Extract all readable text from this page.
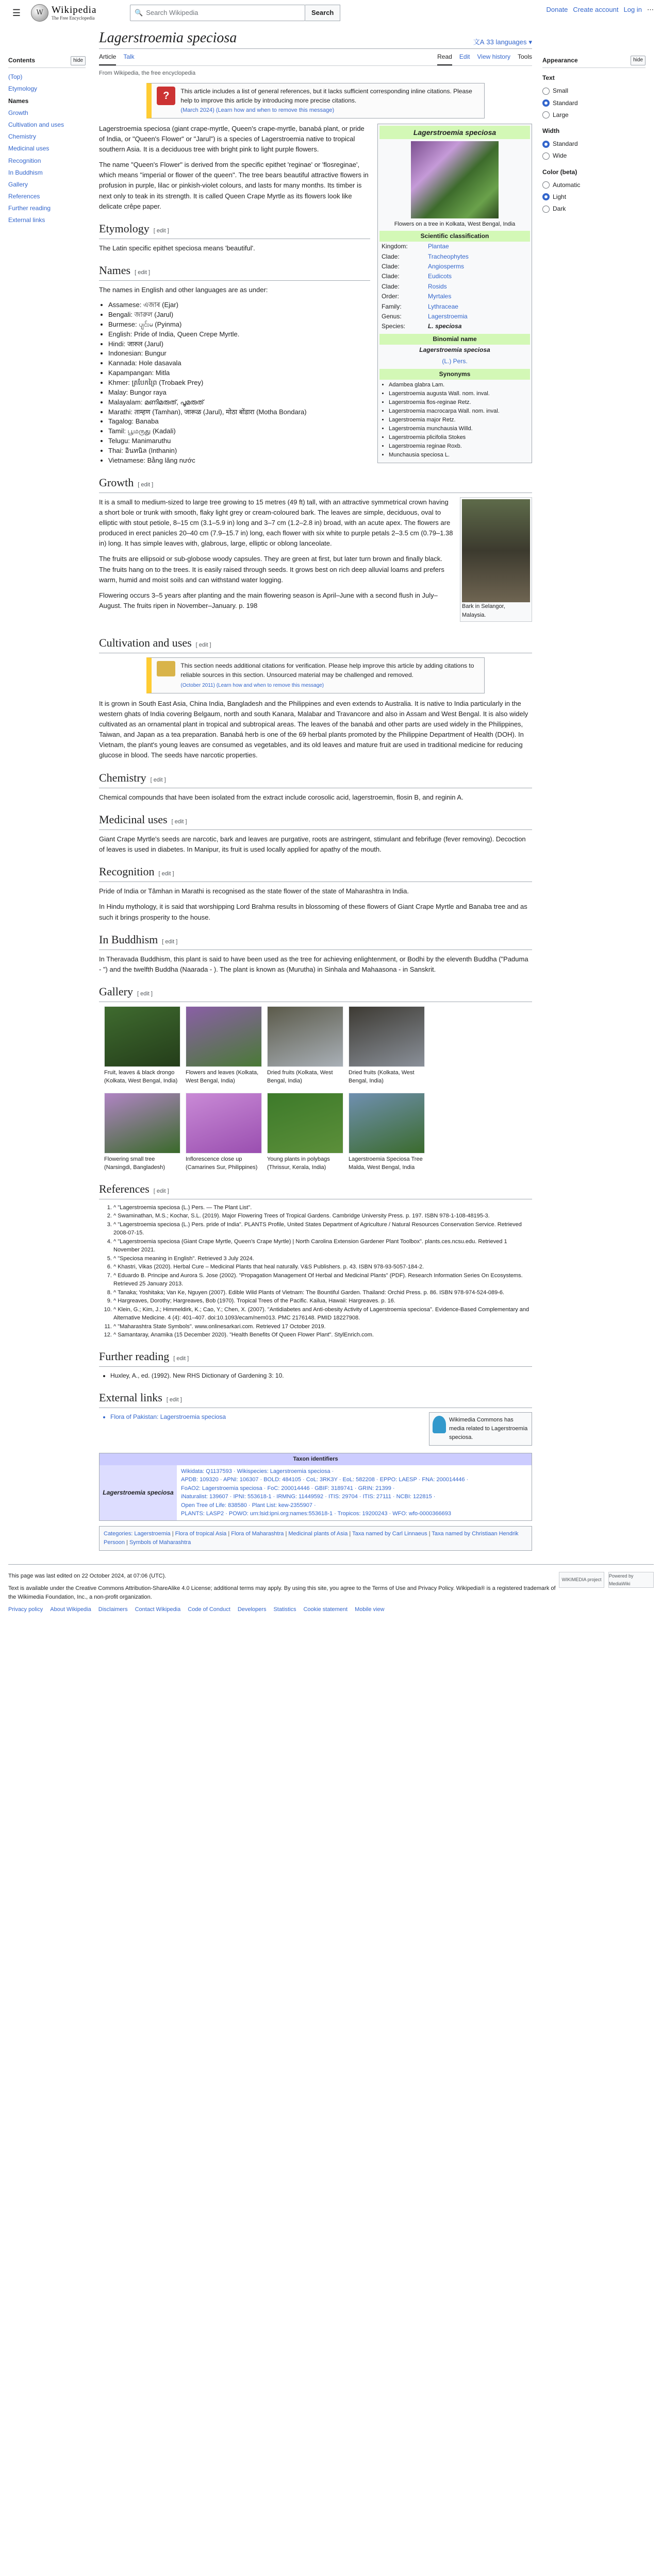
☰	W Wikipedia
The Free Encyclopedia
🔍 Search Wikipedia	Search	Donate Create account Log in ⋯
Contents	hide
(Top)
Etymology
Names
Growth
Cultivation and uses
Chemistry
Medicinal uses
Recognition
In Buddhism
Gallery
References
Further reading
External links
Lagerstroemia speciosa	文A 33 languages ▾
Article Talk	Read Edit View history Tools
From Wikipedia, the free encyclopedia
?	This article includes a list of general references, but it lacks sufficient corresponding inline citations. Please help to improve this article by introducing more precise citations.
(March 2024) (Learn how and when to remove this message)
Lagerstroemia speciosa
Flowers on a tree in Kolkata, West Bengal, India
Scientific classification
Kingdom:	Plantae
Clade:	Tracheophytes
Clade:	Angiosperms
Clade:	Eudicots
Clade:	Rosids
Order:	Myrtales
Family:	Lythraceae
Genus:	Lagerstroemia
Species:	L. speciosa
Binomial name
Lagerstroemia speciosa
(L.) Pers.
Synonyms
• Adambea glabra Lam.
• Lagerstroemia augusta Wall. nom. inval.
• Lagerstroemia flos-reginae Retz.
• Lagerstroemia macrocarpa Wall. nom. inval.
• Lagerstroemia major Retz.
• Lagerstroemia munchausia Willd.
• Lagerstroemia plicifolia Stokes
• Lagerstroemia reginae Roxb.
• Munchausia speciosa L.

Lagerstroemia speciosa (giant crape-myrtle, Queen's crape-myrtle, banabá plant, or pride of India, or "Queen's Flower" or "Jarul") is a species of Lagerstroemia native to tropical southern Asia. It is a deciduous tree with bright pink to light purple flowers.

The name "Queen's Flower" is derived from the specific epithet 'reginae' or 'flosreginae', which means "imperial or flower of the queen". The tree bears beautiful attractive flowers in profusion in purple, lilac or pinkish-violet colours, and lasts for many months. Its timber is next only to teak in its strength. It is called Queen Crape Myrtle as its flowers look like delicate crêpe paper.

Etymology [ edit ]

The Latin specific epithet speciosa means 'beautiful'.

Names [ edit ]

The names in English and other languages are as under:

• Assamese: এজাৰ (Ejar)
• Bengali: জারুল (Jarul)
• Burmese: ပျင်းမ (Pyinma)
• English: Pride of India, Queen Crepe Myrtle.
• Hindi: जारुल (Jarul)
• Indonesian: Bungur
• Kannada: Hole dasavala
• Kapampangan: Mitla
• Khmer: ត្របែកព្រៃ (Trobaek Prey)
• Malay: Bungor raya
• Malayalam: മണിമരുത്, പൂമരുത്
• Marathi: ताम्हण (Tamhan), जारूळ (Jarul), मोठा बोंडारा (Motha Bondara)
• Tagalog: Banaba
• Tamil: பூமருது (Kadali)
• Telugu: Manimaruthu
• Thai: อินทนิล (Inthanin)
• Vietnamese: Bằng lăng nước
Growth [ edit ]
Bark in Selangor, Malaysia.

It is a small to medium-sized to large tree growing to 15 metres (49 ft) tall, with an attractive symmetrical crown having a short bole or trunk with smooth, flaky light grey or cream-coloured bark. The leaves are simple, deciduous, oval to elliptic with stout petiole, 8–15 cm (3.1–5.9 in) long and 3–7 cm (1.2–2.8 in) broad, with an acute apex. The flowers are produced in erect panicles 20–40 cm (7.9–15.7 in) long, each flower with six white to purple petals 2–3.5 cm (0.79–1.38 in) long. It has simple leaves with, glabrous, large, elliptic or oblong lanceolate.

The fruits are ellipsoid or sub-globose woody capsules. They are green at first, but later turn brown and finally black. The fruits hang on to the trees. It is easily raised through seeds. It grows best on rich deep alluvial loams and prefers warm, humid and moist soils and can withstand water logging.

Flowering occurs 3–5 years after planting and the main flowering season is April–June with a second flush in July–August. The fruits ripen in November–January. p. 198

Cultivation and uses [ edit ]
This section needs additional citations for verification. Please help improve this article by adding citations to reliable sources in this section. Unsourced material may be challenged and removed.
(October 2011) (Learn how and when to remove this message)

It is grown in South East Asia, China India, Bangladesh and the Philippines and even extends to Australia. It is native to India particularly in the western ghats of India covering Belgaum, north and south Kanara, Malabar and Travancore and also in Assam and West Bengal. It is also widely cultivated as an ornamental plant in tropical and subtropical areas. The leaves of the banabá and other parts are used widely in the Philippines, Taiwan, and Japan as a tea preparation. Banabá herb is one of the 69 herbal plants promoted by the Philippine Department of Health (DOH). In Vietnam, the plant's young leaves are consumed as vegetables, and its old leaves and mature fruit are used in traditional medicine for reducing glucose in blood. The seeds have narcotic properties.

Chemistry [ edit ]

Chemical compounds that have been isolated from the extract include corosolic acid, lagerstroemin, flosin B, and reginin A.

Medicinal uses [ edit ]

Giant Crape Myrtle's seeds are narcotic, bark and leaves are purgative, roots are astringent, stimulant and febrifuge (fever removing). Decoction of leaves is used in diabetes. In Manipur, its fruit is used locally applied for apathy of the mouth.

Recognition [ edit ]

Pride of India or Tâmhan in Marathi is recognised as the state flower of the state of Maharashtra in India.

In Hindu mythology, it is said that worshipping Lord Brahma results in blossoming of these flowers of Giant Crape Myrtle and Banaba tree and as such it brings prosperity to the house.

In Buddhism [ edit ]

In Theravada Buddhism, this plant is said to have been used as the tree for achieving enlightenment, or Bodhi by the eleventh Buddha ("Paduma - ") and the twelfth Buddha (Naarada - ). The plant is known as (Murutha) in Sinhala and Mahaasona - in Sanskrit.

Gallery [ edit ]
Fruit, leaves & black drongo (Kolkata, West Bengal, India)
Flowers and leaves (Kolkata, West Bengal, India)
Dried fruits (Kolkata, West Bengal, India)
Dried fruits (Kolkata, West Bengal, India)
Flowering small tree (Narsingdi, Bangladesh)
Inflorescence close up (Camarines Sur, Philippines)
Young plants in polybags (Thrissur, Kerala, India)
Lagerstroemia Speciosa Tree Malda, West Bengal, India
References [ edit ]
1. ^ "Lagerstroemia speciosa (L.) Pers. — The Plant List".
2. ^ Swaminathan, M.S.; Kochar, S.L. (2019). Major Flowering Trees of Tropical Gardens. Cambridge University Press. p. 197. ISBN 978-1-108-48195-3.
3. ^ "Lagerstroemia speciosa (L.) Pers. pride of India". PLANTS Profile, United States Department of Agriculture / Natural Resources Conservation Service. Retrieved 2008-07-15.
4. ^ "Lagerstroemia speciosa (Giant Crape Myrtle, Queen's Crape Myrtle) | North Carolina Extension Gardener Plant Toolbox". plants.ces.ncsu.edu. Retrieved 1 November 2021.
5. ^ "Speciosa meaning in English". Retrieved 3 July 2024.
6. ^ Khastri, Vikas (2020). Herbal Cure – Medicinal Plants that heal naturally. V&S Publishers. p. 43. ISBN 978-93-5057-184-2.
7. ^ Eduardo B. Principe and Aurora S. Jose (2002). "Propagation Management Of Herbal and Medicinal Plants" (PDF). Research Information Series On Ecosystems. Retrieved 25 January 2013.
8. ^ Tanaka; Yoshitaka; Van Ke, Nguyen (2007). Edible Wild Plants of Vietnam: The Bountiful Garden. Thailand: Orchid Press. p. 86. ISBN 978-974-524-089-6.
9. ^ Hargreaves, Dorothy; Hargreaves, Bob (1970). Tropical Trees of the Pacific. Kailua, Hawaii: Hargreaves. p. 16.
10. ^ Klein, G.; Kim, J.; Himmeldirk, K.; Cao, Y.; Chen, X. (2007). "Antidiabetes and Anti-obesity Activity of Lagerstroemia speciosa". Evidence-Based Complementary and Alternative Medicine. 4 (4): 401–407. doi:10.1093/ecam/nem013. PMC 2176148. PMID 18227908.
11. ^ "Maharashtra State Symbols". www.onlinesarkari.com. Retrieved 17 October 2019.
12. ^ Samantaray, Anamika (15 December 2020). "Health Benefits Of Queen Flower Plant". StylEnrich.com.
Further reading [ edit ]
• Huxley, A., ed. (1992). New RHS Dictionary of Gardening 3: 10.
External links [ edit ]
Wikimedia Commons has media related to Lagerstroemia speciosa.
• Flora of Pakistan: Lagerstroemia speciosa
Taxon identifiers
Lagerstroemia speciosa
Wikidata: Q1137593 · Wikispecies: Lagerstroemia speciosa ·
APDB: 109320 · APNI: 106307 · BOLD: 484105 · CoL: 3RK3Y · EoL: 582208 · EPPO: LAESP · FNA: 200014446 ·
FoAO2: Lagerstroemia speciosa · FoC: 200014446 · GBIF: 3189741 · GRIN: 21399 ·
iNaturalist: 139607 · IPNI: 553618-1 · IRMNG: 11449592 · ITIS: 29704 · ITIS: 27111 · NCBI: 122815 ·
Open Tree of Life: 838580 · Plant List: kew-2355907 ·
PLANTS: LASP2 · POWO: urn:lsid:ipni.org:names:553618-1 · Tropicos: 19200243 · WFO: wfo-0000366693
Categories: Lagerstroemia | Flora of tropical Asia | Flora of Maharashtra | Medicinal plants of Asia | Taxa named by Carl Linnaeus | Taxa named by Christiaan Hendrik Persoon | Symbols of Maharashtra
Appearance	hide
Text
Small
Standard
Large
Width
Standard
Wide
Color (beta)
Automatic
Light
Dark
WIKIMEDIA project
Powered by MediaWiki

This page was last edited on 22 October 2024, at 07:06 (UTC).

Text is available under the Creative Commons Attribution-ShareAlike 4.0 License; additional terms may apply. By using this site, you agree to the Terms of Use and Privacy Policy. Wikipedia® is a registered trademark of the Wikimedia Foundation, Inc., a non-profit organization.

Privacy policy About Wikipedia Disclaimers Contact Wikipedia Code of Conduct Developers Statistics Cookie statement Mobile view
